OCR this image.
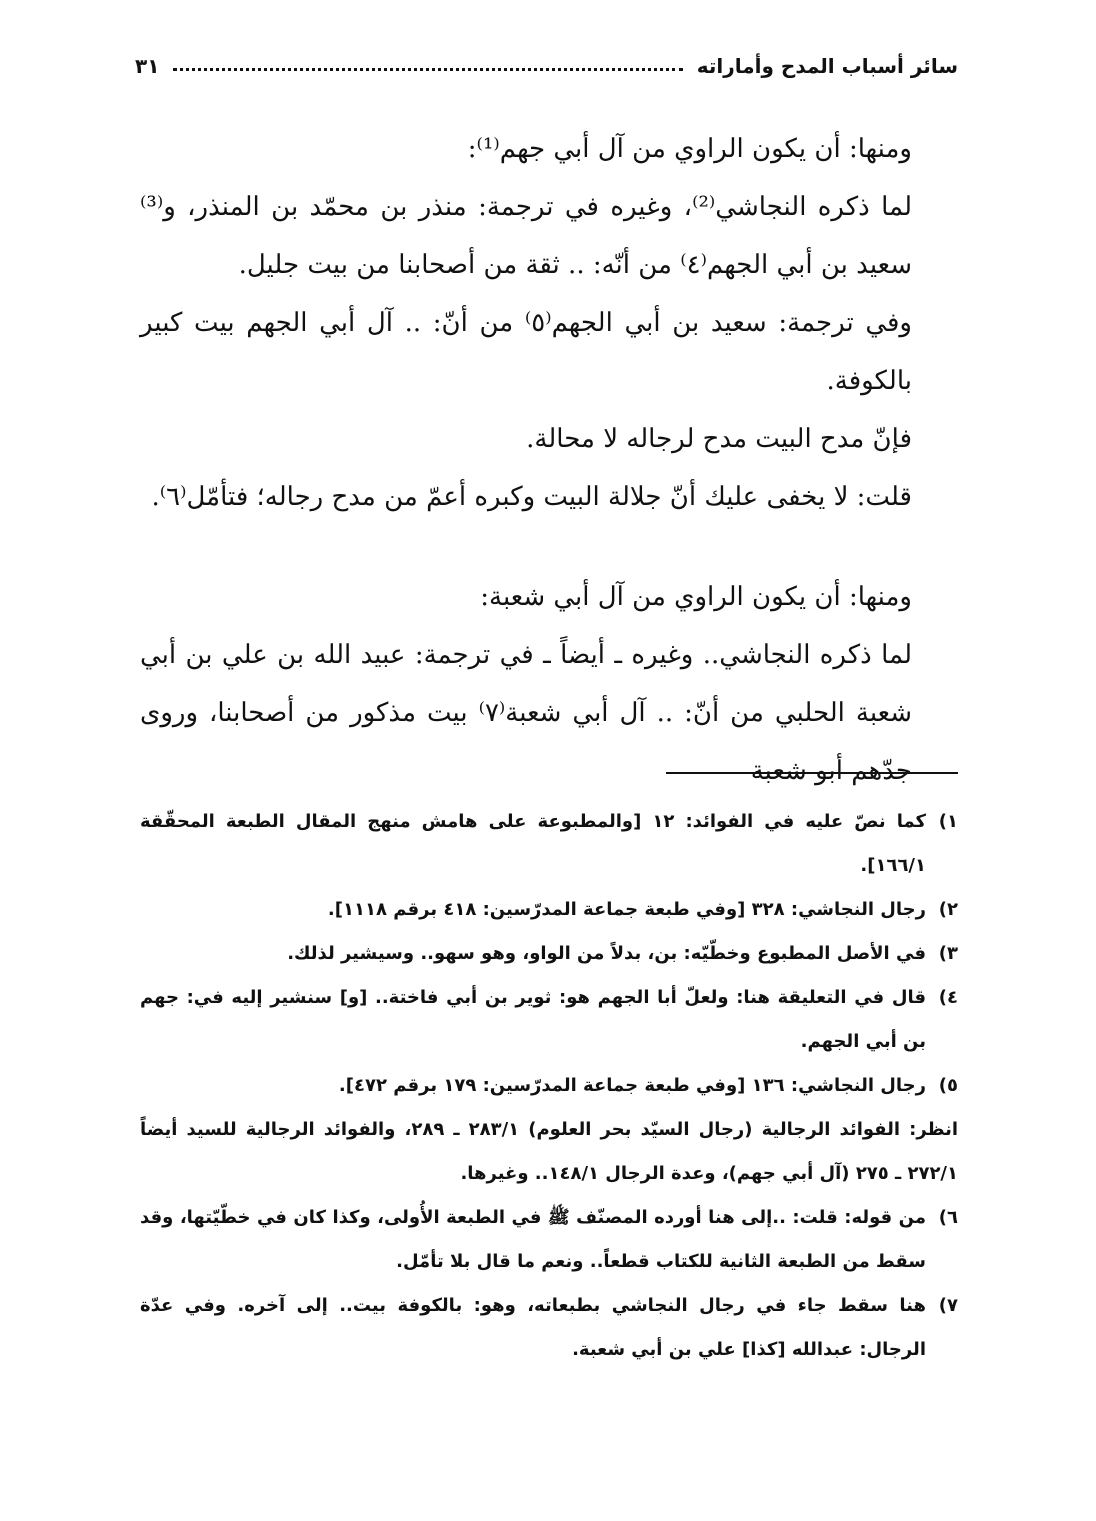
سائر أسباب المدح وأماراته
٣١

ومنها: أن يكون الراوي من آل أبي جهم⁽¹⁾:

لما ذكره النجاشي⁽²⁾، وغيره في ترجمة: منذر بن محمّد بن المنذر، و⁽³⁾ سعيد بن أبي الجهم⁽٤⁾ من أنّه: .. ثقة من أصحابنا من بيت جليل.

وفي ترجمة: سعيد بن أبي الجهم⁽٥⁾ من أنّ: .. آل أبي الجهم بيت كبير بالكوفة.

فإنّ مدح البيت مدح لرجاله لا محالة.

قلت: لا يخفى عليك أنّ جلالة البيت وكبره أعمّ من مدح رجاله؛ فتأمّل⁽٦⁾.

ومنها: أن يكون الراوي من آل أبي شعبة:

لما ذكره النجاشي.. وغيره ـ أيضاً ـ في ترجمة: عبيد الله بن علي بن أبي شعبة الحلبي من أنّ: .. آل أبي شعبة⁽٧⁾ بيت مذكور من أصحابنا، وروى جدّهم أبو شعبة

١)
كما نصّ عليه في الفوائد: ١٢ [والمطبوعة على هامش منهج المقال الطبعة المحقّقة ١٦٦/١].
٢)
رجال النجاشي: ٣٢٨ [وفي طبعة جماعة المدرّسين: ٤١٨ برقم ١١١٨].
٣)
في الأصل المطبوع وخطّيّه: بن، بدلاً من الواو، وهو سهو.. وسيشير لذلك.
٤)
قال في التعليقة هنا: ولعلّ أبا الجهم هو: ثوير بن أبي فاختة.. [و] سنشير إليه في: جهم بن أبي الجهم.
٥)
رجال النجاشي: ١٣٦ [وفي طبعة جماعة المدرّسين: ١٧٩ برقم ٤٧٢].
انظر: الفوائد الرجالية (رجال السيّد بحر العلوم) ٢٨٣/١ ـ ٢٨٩، والفوائد الرجالية للسيد أيضاً ٢٧٢/١ ـ ٢٧٥ (آل أبي جهم)، وعدة الرجال ١٤٨/١.. وغيرها.
٦)
من قوله: قلت: ..إلى هنا أورده المصنّف ﷺ في الطبعة الأُولى، وكذا كان في خطّيّتها، وقد سقط من الطبعة الثانية للكتاب قطعاً.. ونعم ما قال بلا تأمّل.
٧)
هنا سقط جاء في رجال النجاشي بطبعاته، وهو: بالكوفة بيت.. إلى آخره. وفي عدّة الرجال: عبدالله [كذا] علي بن أبي شعبة.
